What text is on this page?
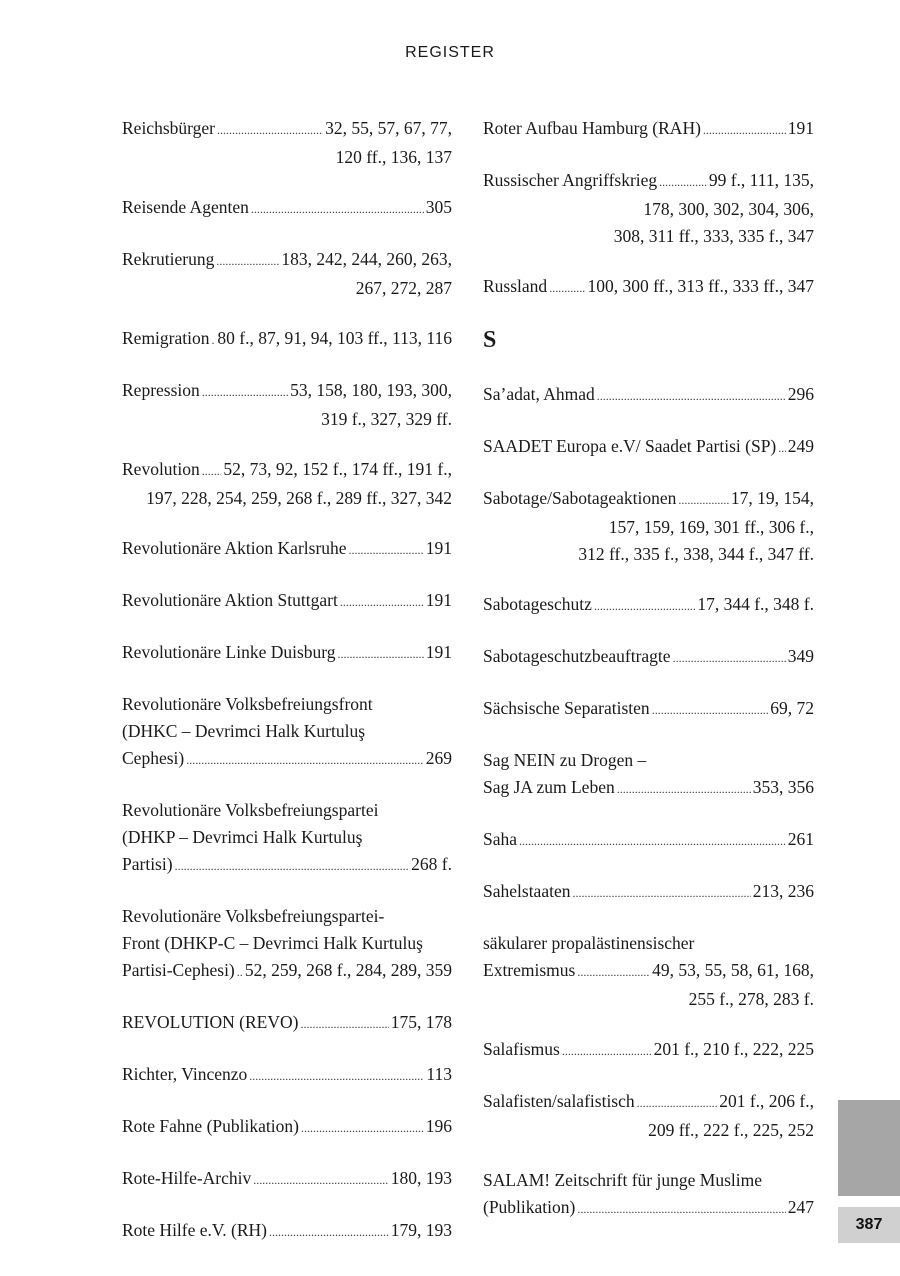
REGISTER
Reichsbürger .....	32, 55, 57, 67, 77,
120 ff., 136, 137
Reisende Agenten .....	305
Rekrutierung .....	183, 242, 244, 260, 263,
267, 272, 287
Remigration ..... 80 f., 87, 91, 94, 103 ff., 113, 116
Repression .....	53, 158, 180, 193, 300,
319 f., 327, 329 ff.
Revolution ..... 52, 73, 92, 152 f., 174 ff., 191 f.,
197, 228, 254, 259, 268 f., 289 ff., 327, 342
Revolutionäre Aktion Karlsruhe .....	191
Revolutionäre Aktion Stuttgart .....	191
Revolutionäre Linke Duisburg .....	191
Revolutionäre Volksbefreiungsfront
(DHKC – Devrimci Halk Kurtuluş
Cephesi) .....	269
Revolutionäre Volksbefreiungspartei
(DHKP – Devrimci Halk Kurtuluş
Partisi) .....	268 f.
Revolutionäre Volksbefreiungspartei-
Front (DHKP-C – Devrimci Halk Kurtuluş
Partisi-Cephesi) ..... 52, 259, 268 f., 284, 289, 359
REVOLUTION (REVO) .....	175, 178
Richter, Vincenzo .....	113
Rote Fahne (Publikation) .....	196
Rote-Hilfe-Archiv .....	180, 193
Rote Hilfe e.V. (RH) .....	179, 193
Roter Aufbau Hamburg (RAH) .....	191
Russischer Angriffskrieg .....	99 f., 111, 135,
178, 300, 302, 304, 306,
308, 311 ff., 333, 335 f., 347
Russland ..... 100, 300 ff., 313 ff., 333 ff., 347
S
Sa’adat, Ahmad .....	296
SAADET Europa e.V/ Saadet Partisi (SP) ..... 249
Sabotage/Sabotageaktionen .....	17, 19, 154,
157, 159, 169, 301 ff., 306 f.,
312 ff., 335 f., 338, 344 f., 347 ff.
Sabotageschutz .....	17, 344 f., 348 f.
Sabotageschutzbeauftragte .....	349
Sächsische Separatisten .....	69, 72
Sag NEIN zu Drogen –
Sag JA zum Leben .....	353, 356
Saha .....	261
Sahelstaaten .....	213, 236
säkularer propalästinensischer
Extremismus .....	49, 53, 55, 58, 61, 168,
255 f., 278, 283 f.
Salafismus .....	201 f., 210 f., 222, 225
Salafisten/salafistisch .....	201 f., 206 f.,
209 ff., 222 f., 225, 252
SALAM! Zeitschrift für junge Muslime
(Publikation) .....	247
387
